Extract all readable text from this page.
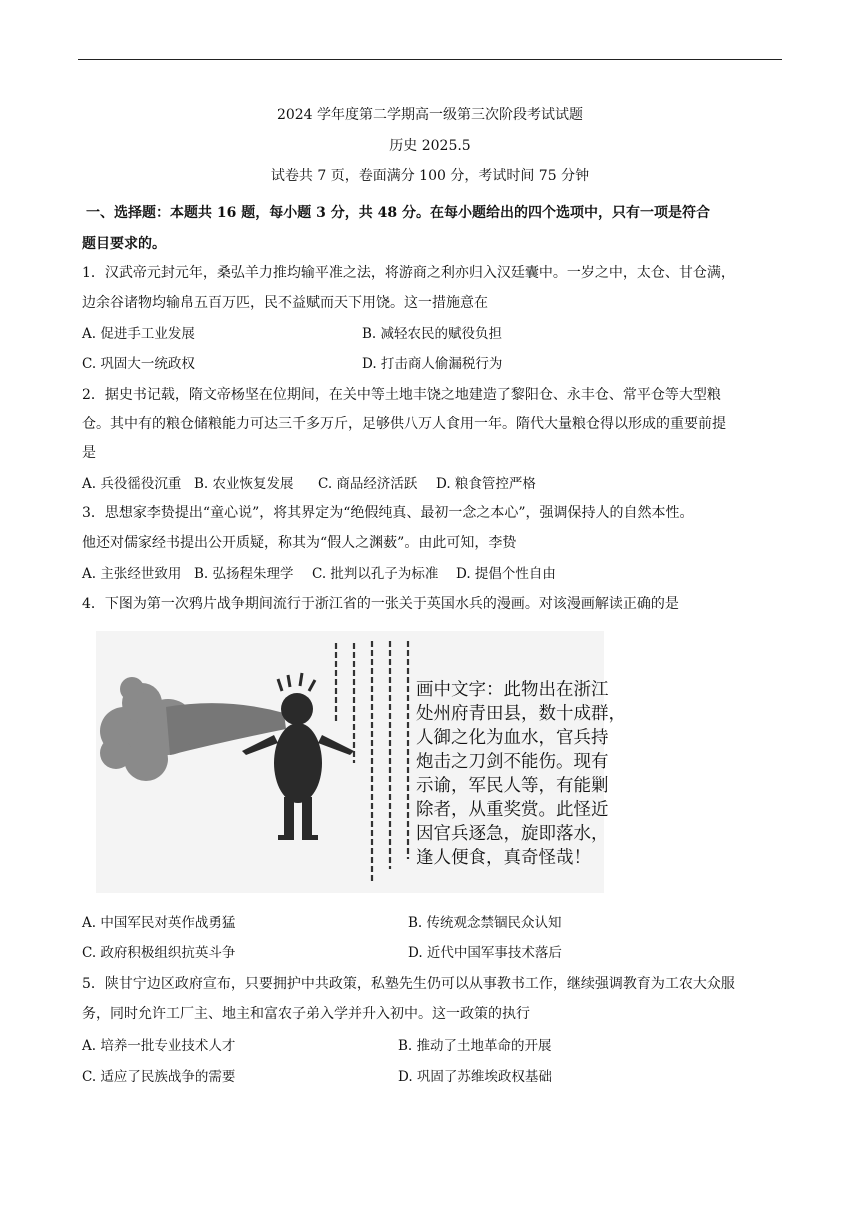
2024 学年度第二学期高一级第三次阶段考试试题
历史 2025.5
试卷共 7 页，卷面满分 100 分，考试时间 75 分钟
一、选择题：本题共 16 题，每小题 3 分，共 48 分。在每小题给出的四个选项中，只有一项是符合
题目要求的。
1．汉武帝元封元年，桑弘羊力推均输平准之法，将游商之利亦归入汉廷囊中。一岁之中，太仓、甘仓满，
边余谷诸物均输帛五百万匹，民不益赋而天下用饶。这一措施意在
A. 促进手工业发展	B. 减轻农民的赋役负担
C. 巩固大一统政权	D. 打击商人偷漏税行为
2．据史书记载，隋文帝杨坚在位期间，在关中等土地丰饶之地建造了黎阳仓、永丰仓、常平仓等大型粮
仓。其中有的粮仓储粮能力可达三千多万斤，足够供八万人食用一年。隋代大量粮仓得以形成的重要前提
是
A. 兵役徭役沉重 B. 农业恢复发展 C. 商品经济活跃 D. 粮食管控严格
3．思想家李贽提出“童心说”，将其界定为“绝假纯真、最初一念之本心”，强调保持人的自然本性。
他还对儒家经书提出公开质疑，称其为“假人之渊薮”。由此可知，李贽
A. 主张经世致用 B. 弘扬程朱理学 C. 批判以孔子为标准 D. 提倡个性自由
4．下图为第一次鸦片战争期间流行于浙江省的一张关于英国水兵的漫画。对该漫画解读正确的是
画中文字：此物出在浙江
处州府青田县，数十成群，
人御之化为血水，官兵持
炮击之刀剑不能伤。现有
示谕，军民人等，有能剿
除者，从重奖赏。此怪近
因官兵逐急，旋即落水，
逢人便食，真奇怪哉！
A. 中国军民对英作战勇猛	B. 传统观念禁锢民众认知
C. 政府积极组织抗英斗争	D. 近代中国军事技术落后
5．陕甘宁边区政府宣布，只要拥护中共政策，私塾先生仍可以从事教书工作，继续强调教育为工农大众服
务，同时允许工厂主、地主和富农子弟入学并升入初中。这一政策的执行
A. 培养一批专业技术人才	B. 推动了土地革命的开展
C. 适应了民族战争的需要	D. 巩固了苏维埃政权基础
